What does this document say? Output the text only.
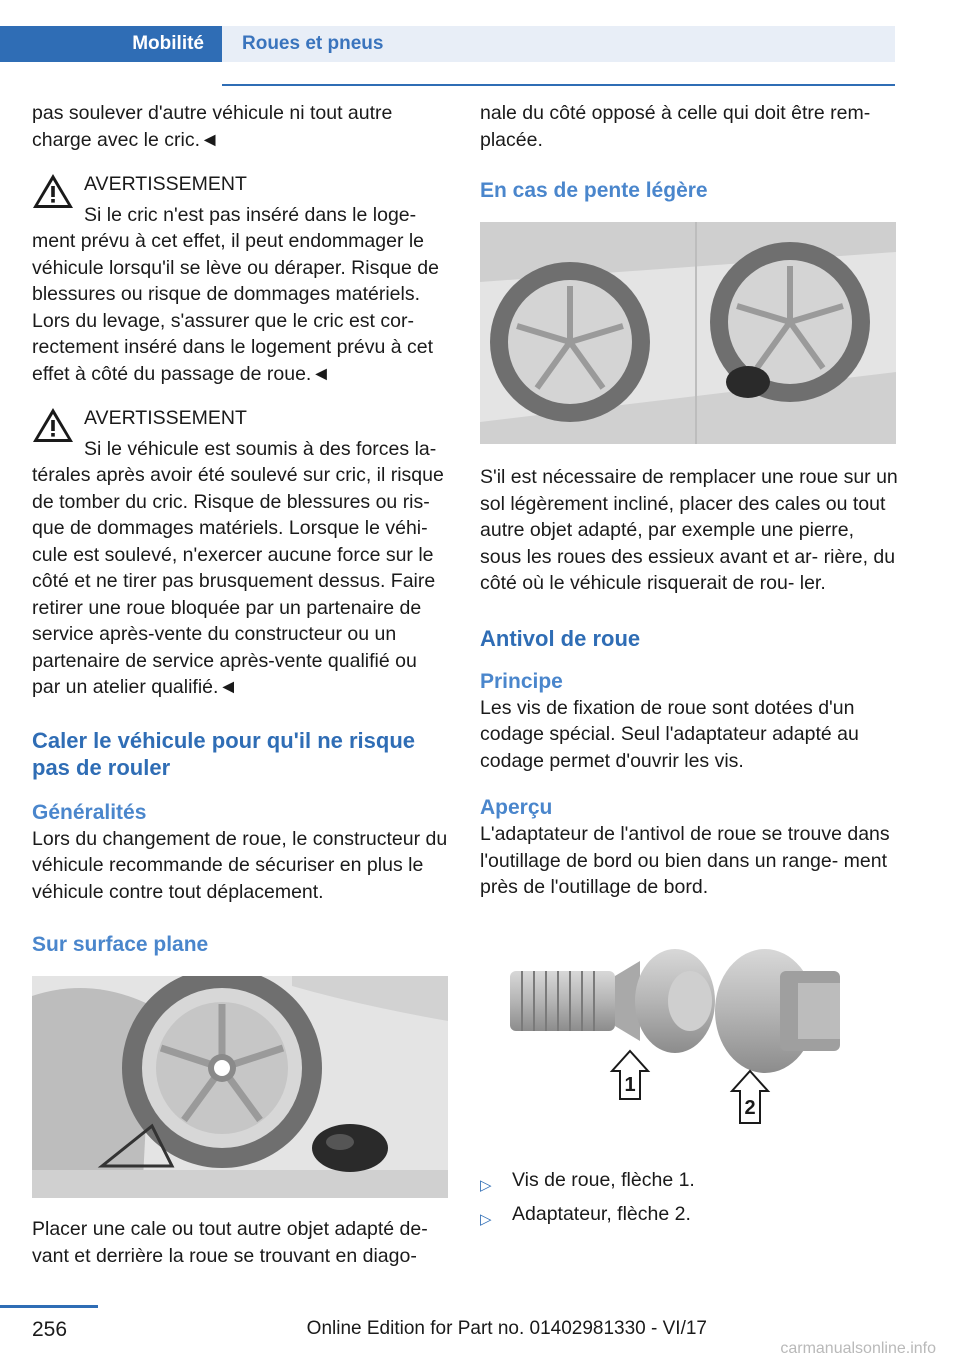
Mobilité Roues et pneus

pas soulever d'autre véhicule ni tout autre charge avec le cric.◄

AVERTISSEMENT
Si le cric n'est pas inséré dans le loge- ment prévu à cet effet, il peut endommager le véhicule lorsqu'il se lève ou déraper. Risque de blessures ou risque de dommages matériels. Lors du levage, s'assurer que le cric est cor- rectement inséré dans le logement prévu à cet effet à côté du passage de roue.◄
AVERTISSEMENT
Si le véhicule est soumis à des forces la- térales après avoir été soulevé sur cric, il risque de tomber du cric. Risque de blessures ou ris- que de dommages matériels. Lorsque le véhi- cule est soulevé, n'exercer aucune force sur le côté et ne tirer pas brusquement dessus. Faire retirer une roue bloquée par un partenaire de service après-vente du constructeur ou un partenaire de service après-vente qualifié ou par un atelier qualifié.◄
Caler le véhicule pour qu'il ne risque pas de rouler
Généralités

Lors du changement de roue, le constructeur du véhicule recommande de sécuriser en plus le véhicule contre tout déplacement.

Sur surface plane

Placer une cale ou tout autre objet adapté de- vant et derrière la roue se trouvant en diago-

nale du côté opposé à celle qui doit être rem- placée.

En cas de pente légère

S'il est nécessaire de remplacer une roue sur un sol légèrement incliné, placer des cales ou tout autre objet adapté, par exemple une pierre, sous les roues des essieux avant et ar- rière, du côté où le véhicule risquerait de rou- ler.

Antivol de roue
Principe

Les vis de fixation de roue sont dotées d'un codage spécial. Seul l'adaptateur adapté au codage permet d'ouvrir les vis.

Aperçu

L'adaptateur de l'antivol de roue se trouve dans l'outillage de bord ou bien dans un range- ment près de l'outillage de bord.

1
2
▷ Vis de roue, flèche 1.
▷ Adaptateur, flèche 2.
256	Online Edition for Part no. 01402981330 - VI/17
carmanualsonline.info
